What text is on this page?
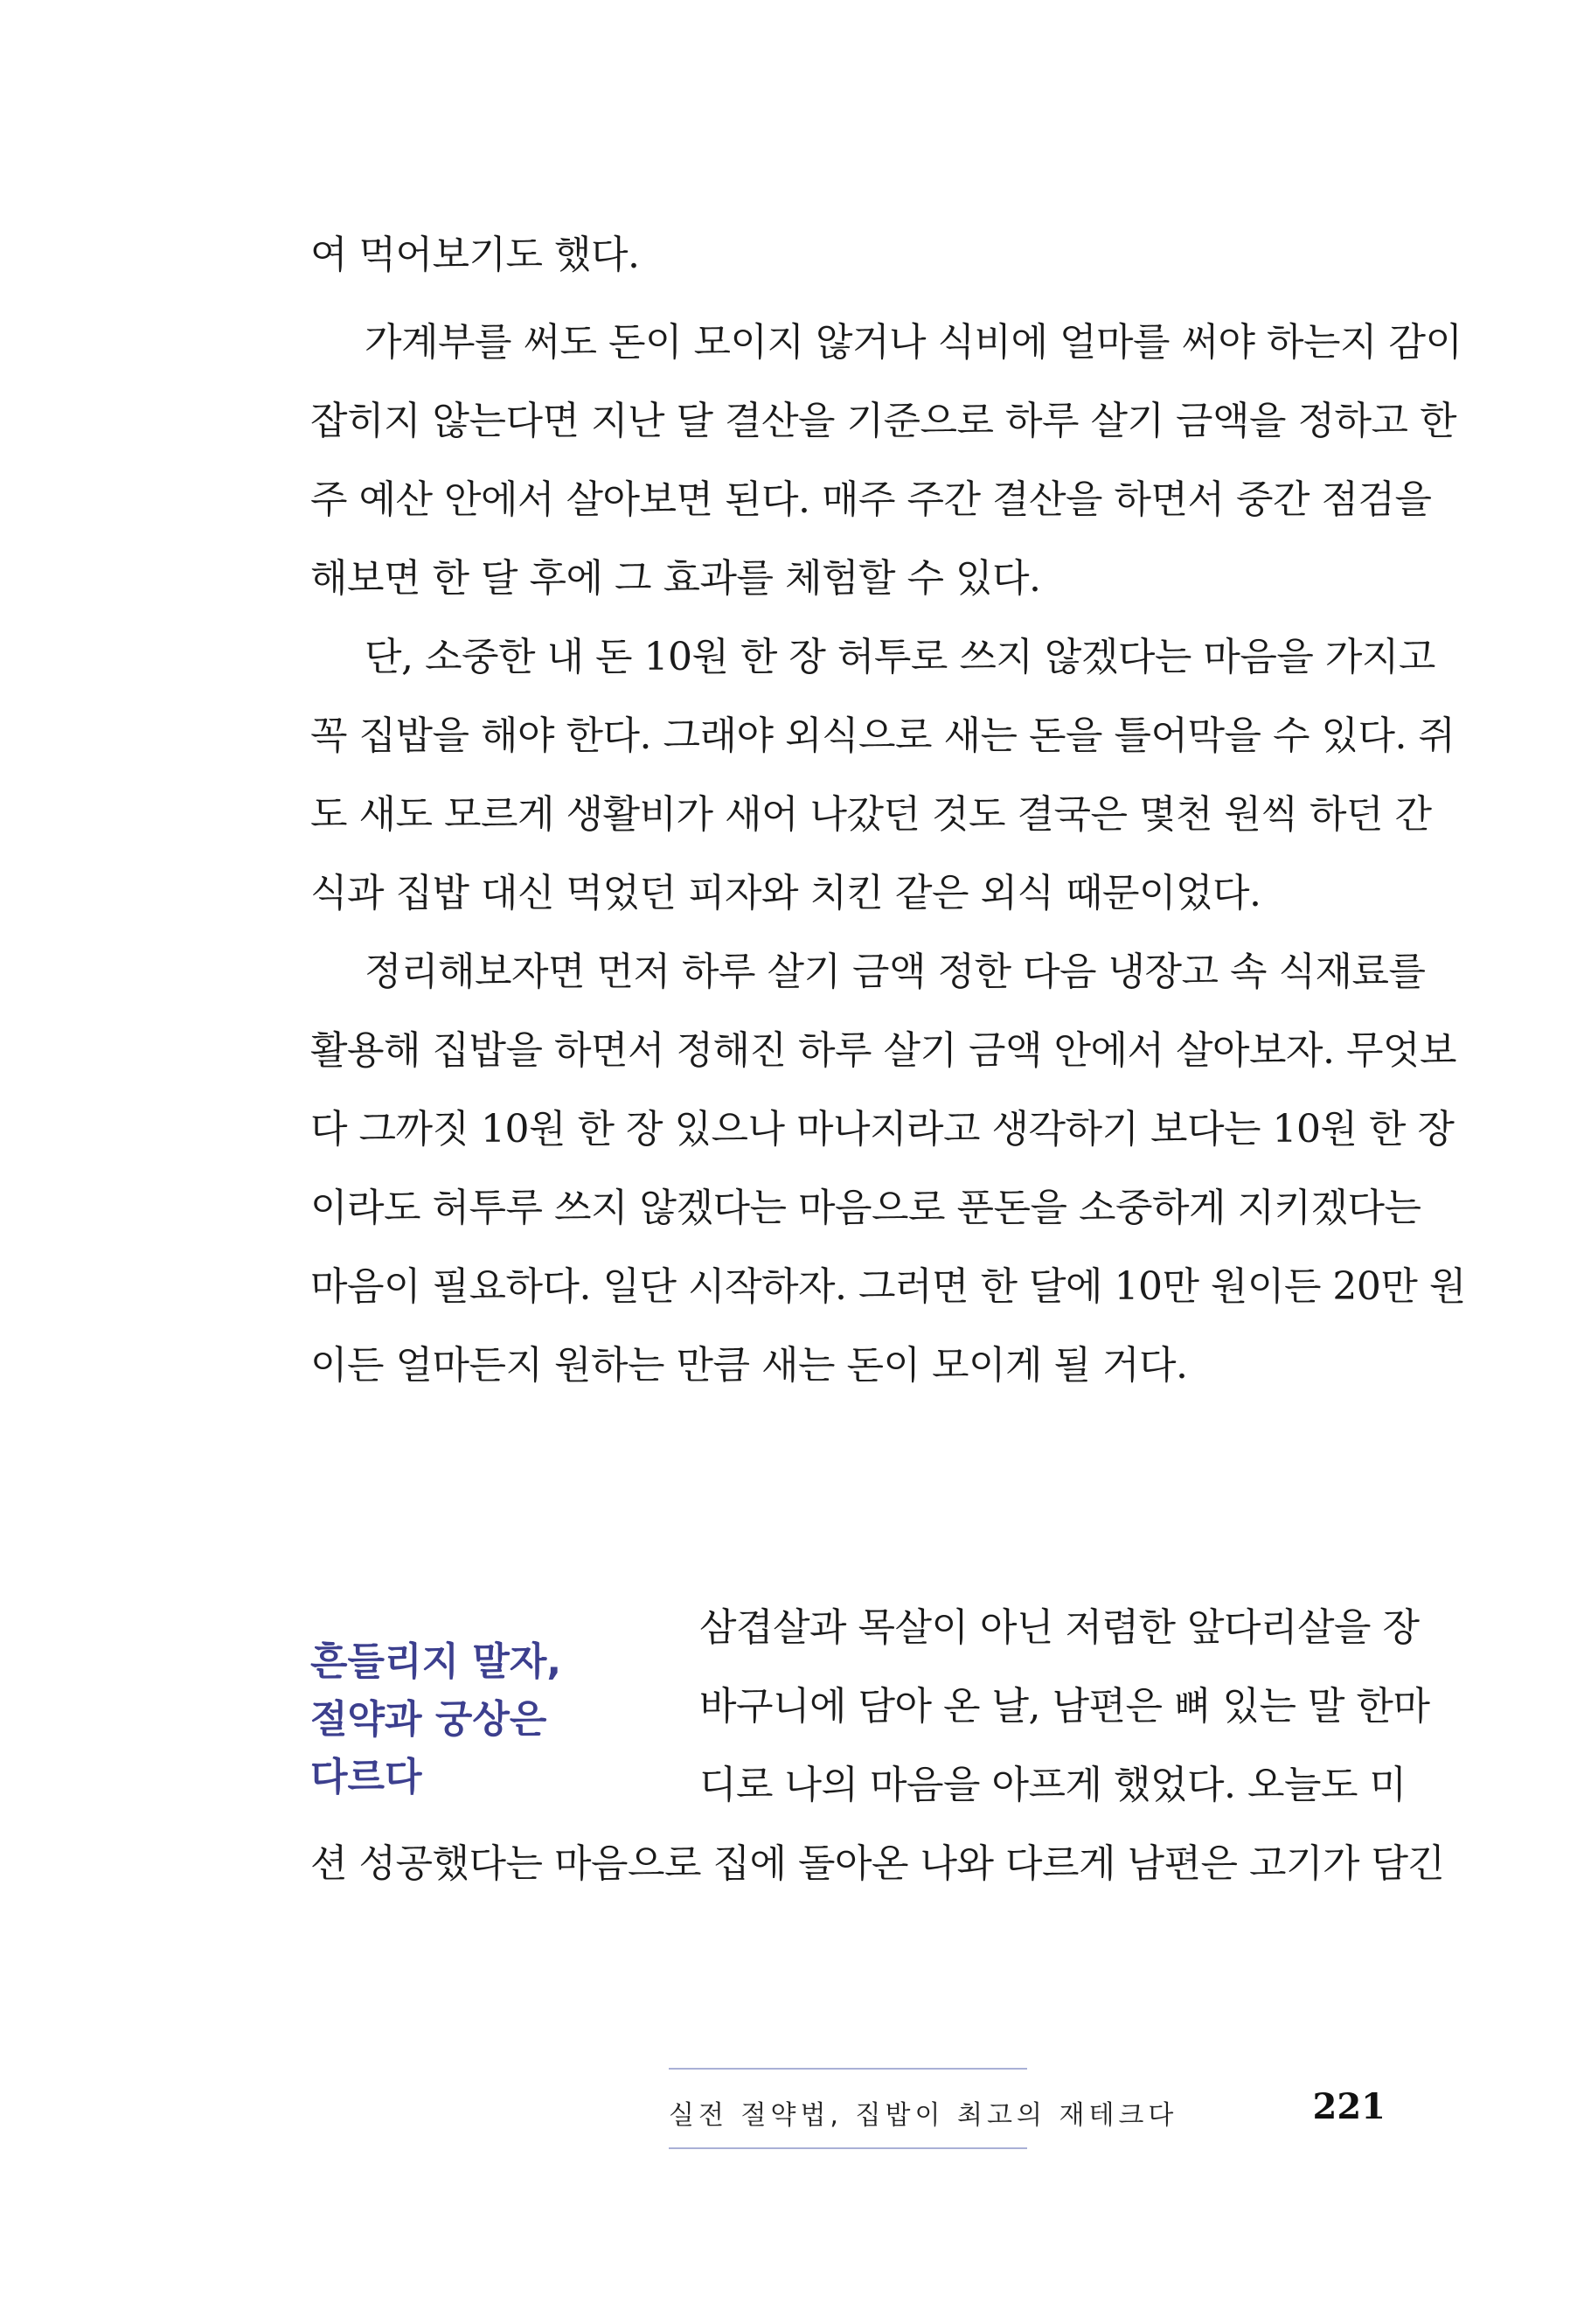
여 먹어보기도 했다.
가계부를 써도 돈이 모이지 않거나 식비에 얼마를 써야 하는지 감이
잡히지 않는다면 지난 달 결산을 기준으로 하루 살기 금액을 정하고 한
주 예산 안에서 살아보면 된다. 매주 주간 결산을 하면서 중간 점검을
해보면 한 달 후에 그 효과를 체험할 수 있다.
단, 소중한 내 돈 10원 한 장 허투로 쓰지 않겠다는 마음을 가지고
꼭 집밥을 해야 한다. 그래야 외식으로 새는 돈을 틀어막을 수 있다. 쥐
도 새도 모르게 생활비가 새어 나갔던 것도 결국은 몇천 원씩 하던 간
식과 집밥 대신 먹었던 피자와 치킨 같은 외식 때문이었다.
정리해보자면 먼저 하루 살기 금액 정한 다음 냉장고 속 식재료를
활용해 집밥을 하면서 정해진 하루 살기 금액 안에서 살아보자. 무엇보
다 그까짓 10원 한 장 있으나 마나지라고 생각하기 보다는 10원 한 장
이라도 허투루 쓰지 않겠다는 마음으로 푼돈을 소중하게 지키겠다는
마음이 필요하다. 일단 시작하자. 그러면 한 달에 10만 원이든 20만 원
이든 얼마든지 원하는 만큼 새는 돈이 모이게 될 거다.
흔들리지 말자,
절약과 궁상은
다르다
삼겹살과 목살이 아닌 저렴한 앞다리살을 장
바구니에 담아 온 날, 남편은 뼈 있는 말 한마
디로 나의 마음을 아프게 했었다. 오늘도 미
션 성공했다는 마음으로 집에 돌아온 나와 다르게 남편은 고기가 담긴
실전 절약법, 집밥이 최고의 재테크다	221
